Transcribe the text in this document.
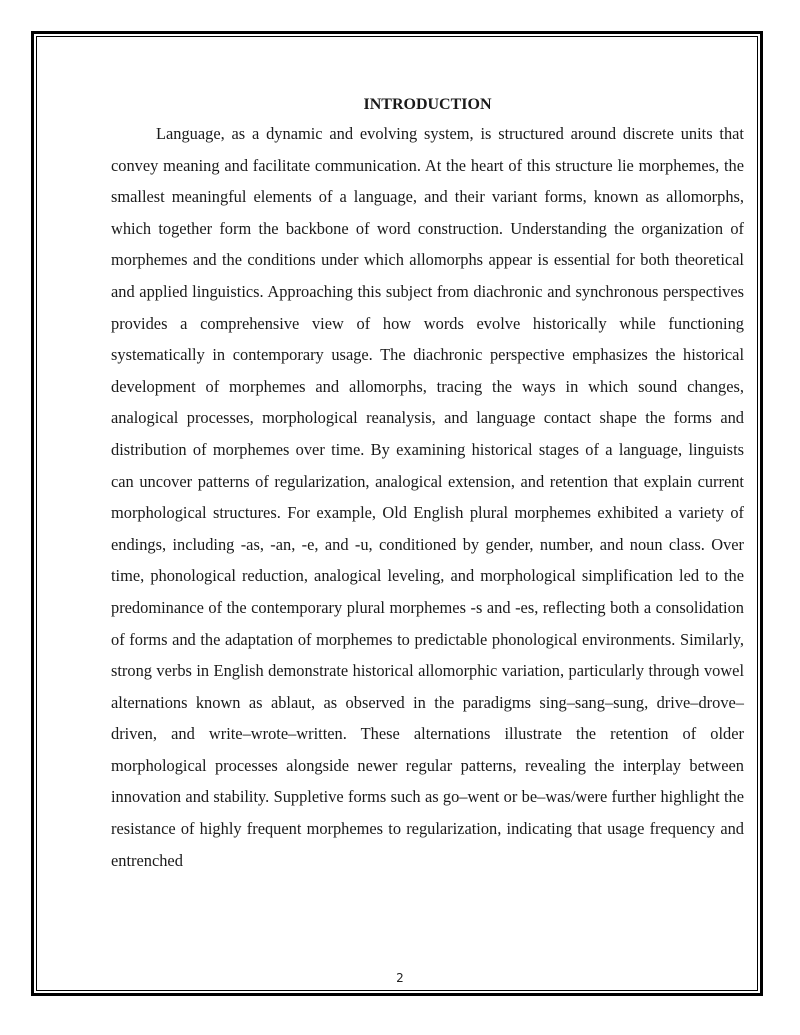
INTRODUCTION

Language, as a dynamic and evolving system, is structured around discrete units that convey meaning and facilitate communication. At the heart of this structure lie morphemes, the smallest meaningful elements of a language, and their variant forms, known as allomorphs, which together form the backbone of word construction. Understanding the organization of morphemes and the conditions under which allomorphs appear is essential for both theoretical and applied linguistics. Approaching this subject from diachronic and synchronous perspectives provides a comprehensive view of how words evolve historically while functioning systematically in contemporary usage. The diachronic perspective emphasizes the historical development of morphemes and allomorphs, tracing the ways in which sound changes, analogical processes, morphological reanalysis, and language contact shape the forms and distribution of morphemes over time. By examining historical stages of a language, linguists can uncover patterns of regularization, analogical extension, and retention that explain current morphological structures. For example, Old English plural morphemes exhibited a variety of endings, including -as, -an, -e, and -u, conditioned by gender, number, and noun class. Over time, phonological reduction, analogical leveling, and morphological simplification led to the predominance of the contemporary plural morphemes -s and -es, reflecting both a consolidation of forms and the adaptation of morphemes to predictable phonological environments. Similarly, strong verbs in English demonstrate historical allomorphic variation, particularly through vowel alternations known as ablaut, as observed in the paradigms sing–sang–sung, drive–drove–driven, and write–wrote–written. These alternations illustrate the retention of older morphological processes alongside newer regular patterns, revealing the interplay between innovation and stability. Suppletive forms such as go–went or be–was/were further highlight the resistance of highly frequent morphemes to regularization, indicating that usage frequency and entrenched

2
